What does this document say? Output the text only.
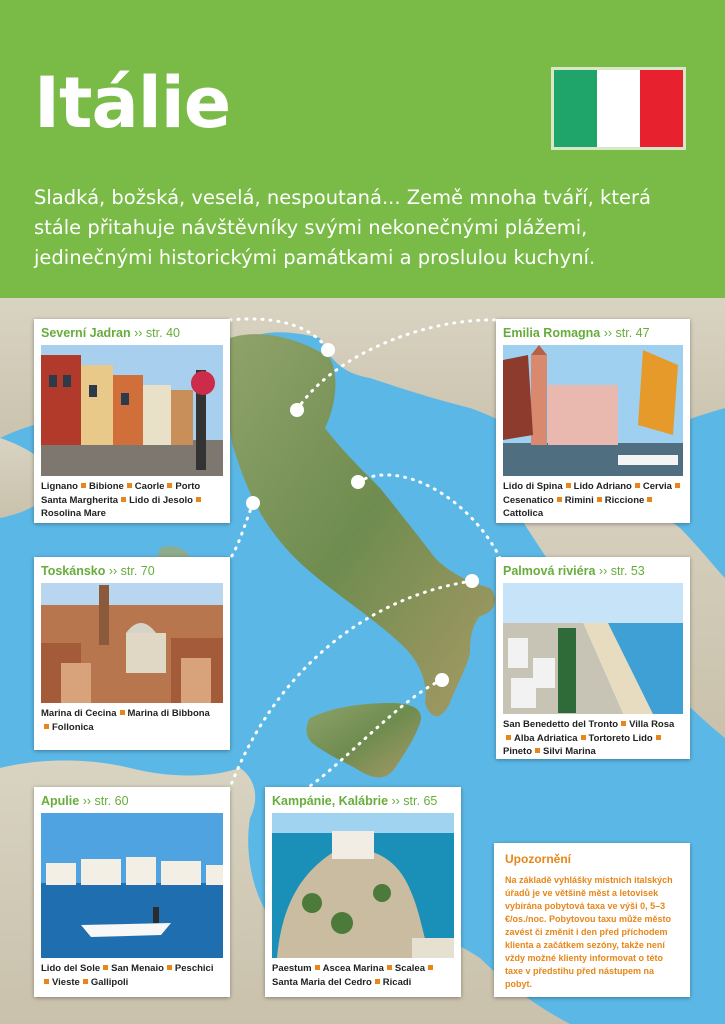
Itálie

Sladká, božská, veselá, nespoutaná... Země mnoha tváří, která stále přitahuje návštěvníky svými nekonečnými plážemi, jedinečnými historickými památkami a proslulou kuchyní.

Severní Jadran ›› str. 40
Lignano Bibione Caorle Porto Santa Margherita Lido di JesoloRosolina Mare
Emilia Romagna ›› str. 47
Lido di Spina Lido Adriano CerviaCesenatico Rimini RiccioneCattolica
Toskánsko ›› str. 70
Marina di Cecina Marina di Bibbona
Follonica
Palmová riviéra ›› str. 53
San Benedetto del Tronto Villa RosaAlba Adriatica Tortoreto LidoPineto Silvi Marina
Apulie ›› str. 60
Lido del Sole San Menaio PeschiciVieste Gallipoli
Kampánie, Kalábrie ›› str. 65
Paestum Ascea Marina ScaleaSanta Maria del Cedro Ricadi

Upozornění

Na základě vyhlášky místních italských úřadů je ve většině měst a letovisek vybírána pobytová taxa ve výši 0, 5–3 €/os./noc. Pobytovou taxu může město zavést či změnit i den před příchodem klienta a začátkem sezóny, takže není vždy možné klienty informovat o této taxe v předstihu před nástupem na pobyt.
